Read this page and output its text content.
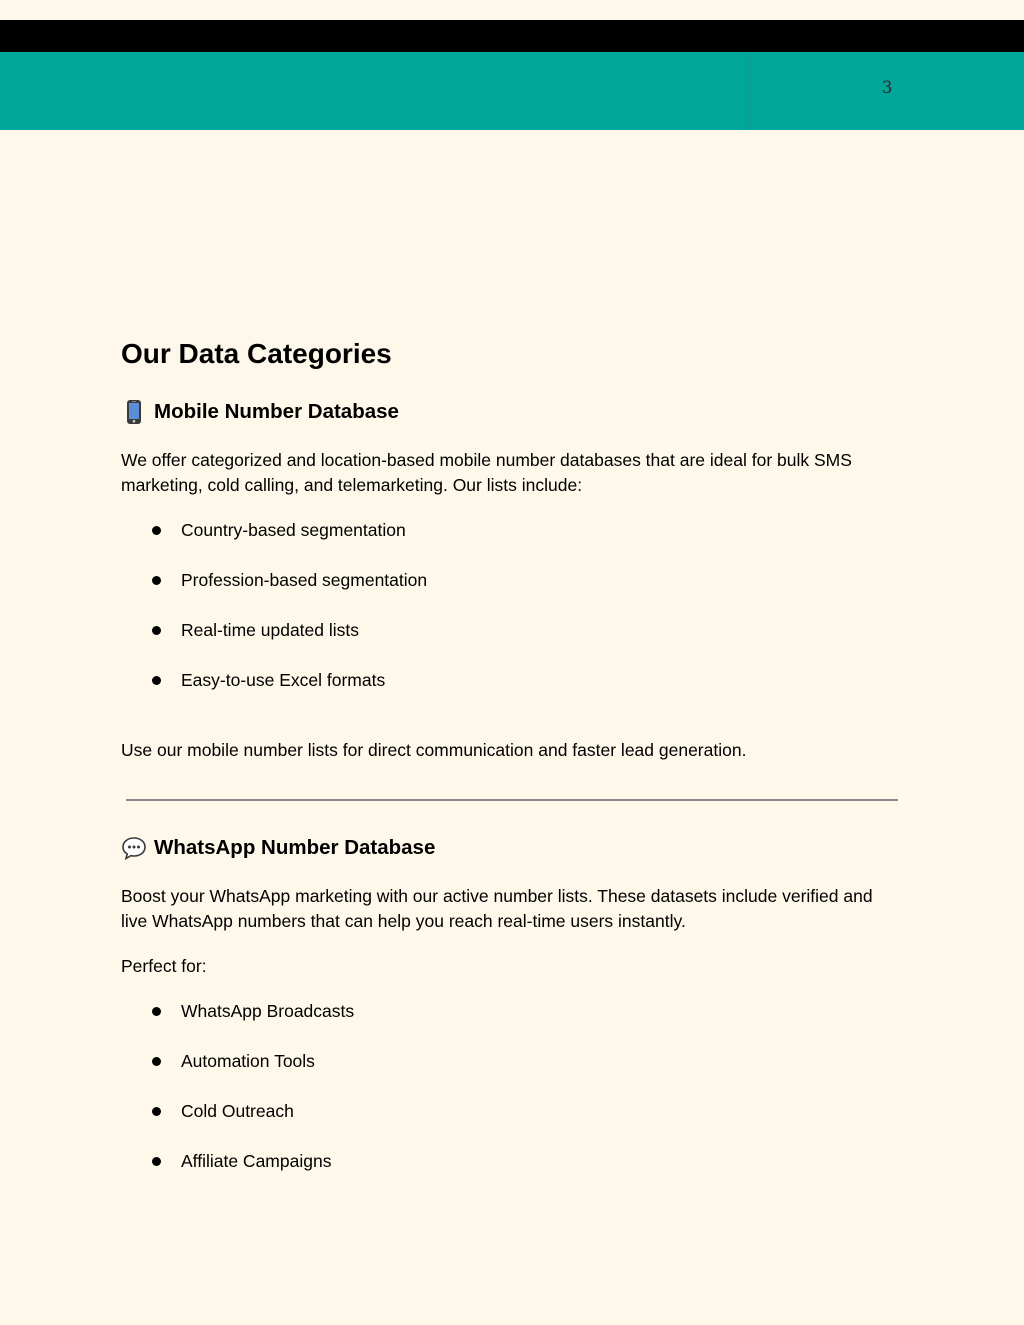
3
Our Data Categories
Mobile Number Database

We offer categorized and location-based mobile number databases that are ideal for bulk SMS marketing, cold calling, and telemarketing. Our lists include:

Country-based segmentation
Profession-based segmentation
Real-time updated lists
Easy-to-use Excel formats

Use our mobile number lists for direct communication and faster lead generation.

WhatsApp Number Database

Boost your WhatsApp marketing with our active number lists. These datasets include verified and live WhatsApp numbers that can help you reach real-time users instantly.

Perfect for:

WhatsApp Broadcasts
Automation Tools
Cold Outreach
Affiliate Campaigns
